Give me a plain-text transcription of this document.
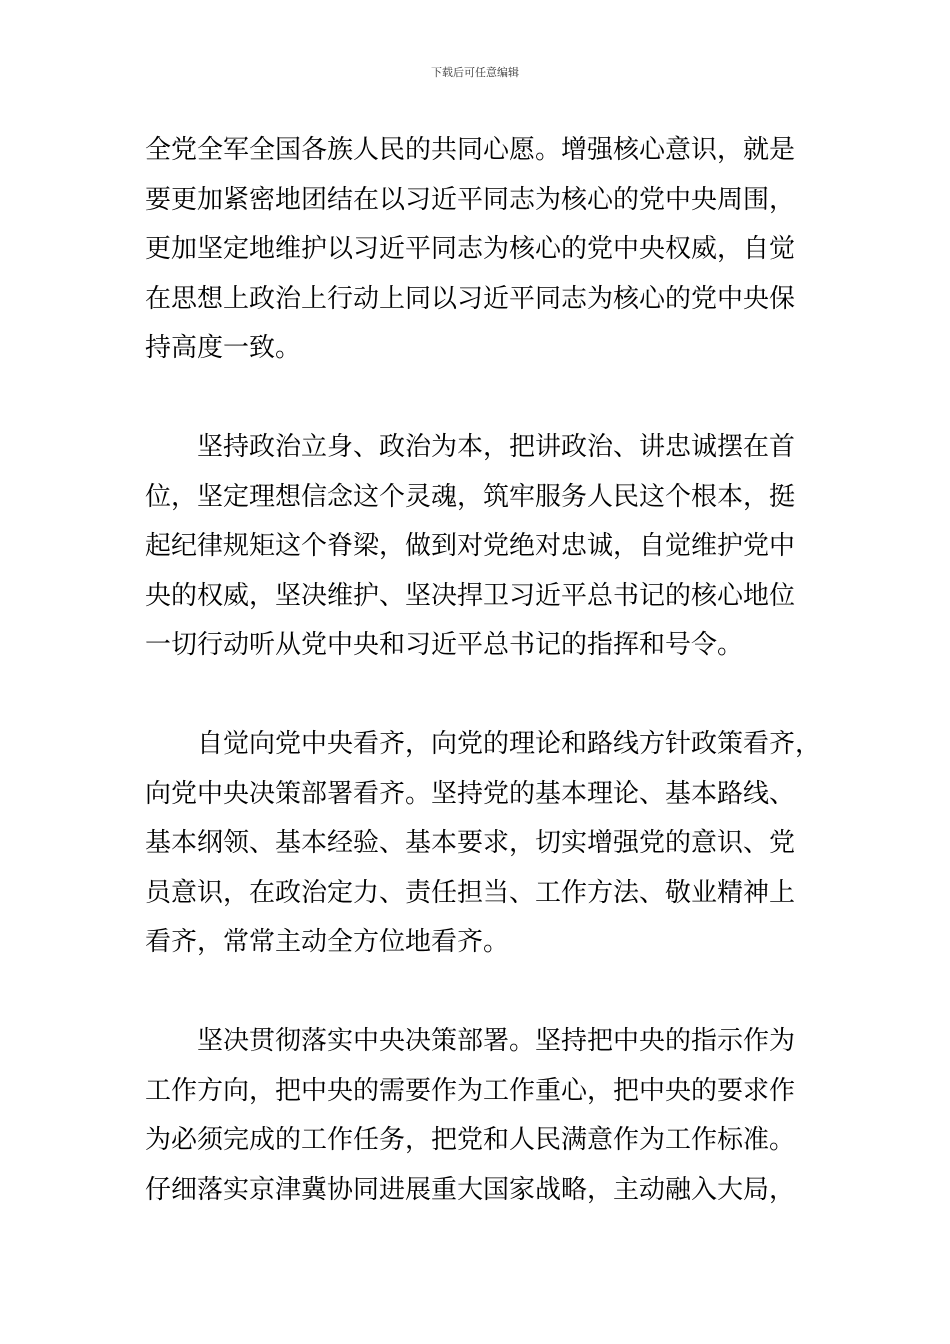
下载后可任意编辑

全党全军全国各族人民的共同心愿。增强核心意识，就是
要更加紧密地团结在以习近平同志为核心的党中央周围，
更加坚定地维护以习近平同志为核心的党中央权威，自觉
在思想上政治上行动上同以习近平同志为核心的党中央保
持高度一致。

坚持政治立身、政治为本，把讲政治、讲忠诚摆在首
位，坚定理想信念这个灵魂，筑牢服务人民这个根本，挺
起纪律规矩这个脊梁，做到对党绝对忠诚，自觉维护党中
央的权威，坚决维护、坚决捍卫习近平总书记的核心地位
一切行动听从党中央和习近平总书记的指挥和号令。

自觉向党中央看齐，向党的理论和路线方针政策看齐，
向党中央决策部署看齐。坚持党的基本理论、基本路线、
基本纲领、基本经验、基本要求，切实增强党的意识、党
员意识，在政治定力、责任担当、工作方法、敬业精神上
看齐，常常主动全方位地看齐。

坚决贯彻落实中央决策部署。坚持把中央的指示作为
工作方向，把中央的需要作为工作重心，把中央的要求作
为必须完成的工作任务，把党和人民满意作为工作标准。
仔细落实京津冀协同进展重大国家战略，主动融入大局，
